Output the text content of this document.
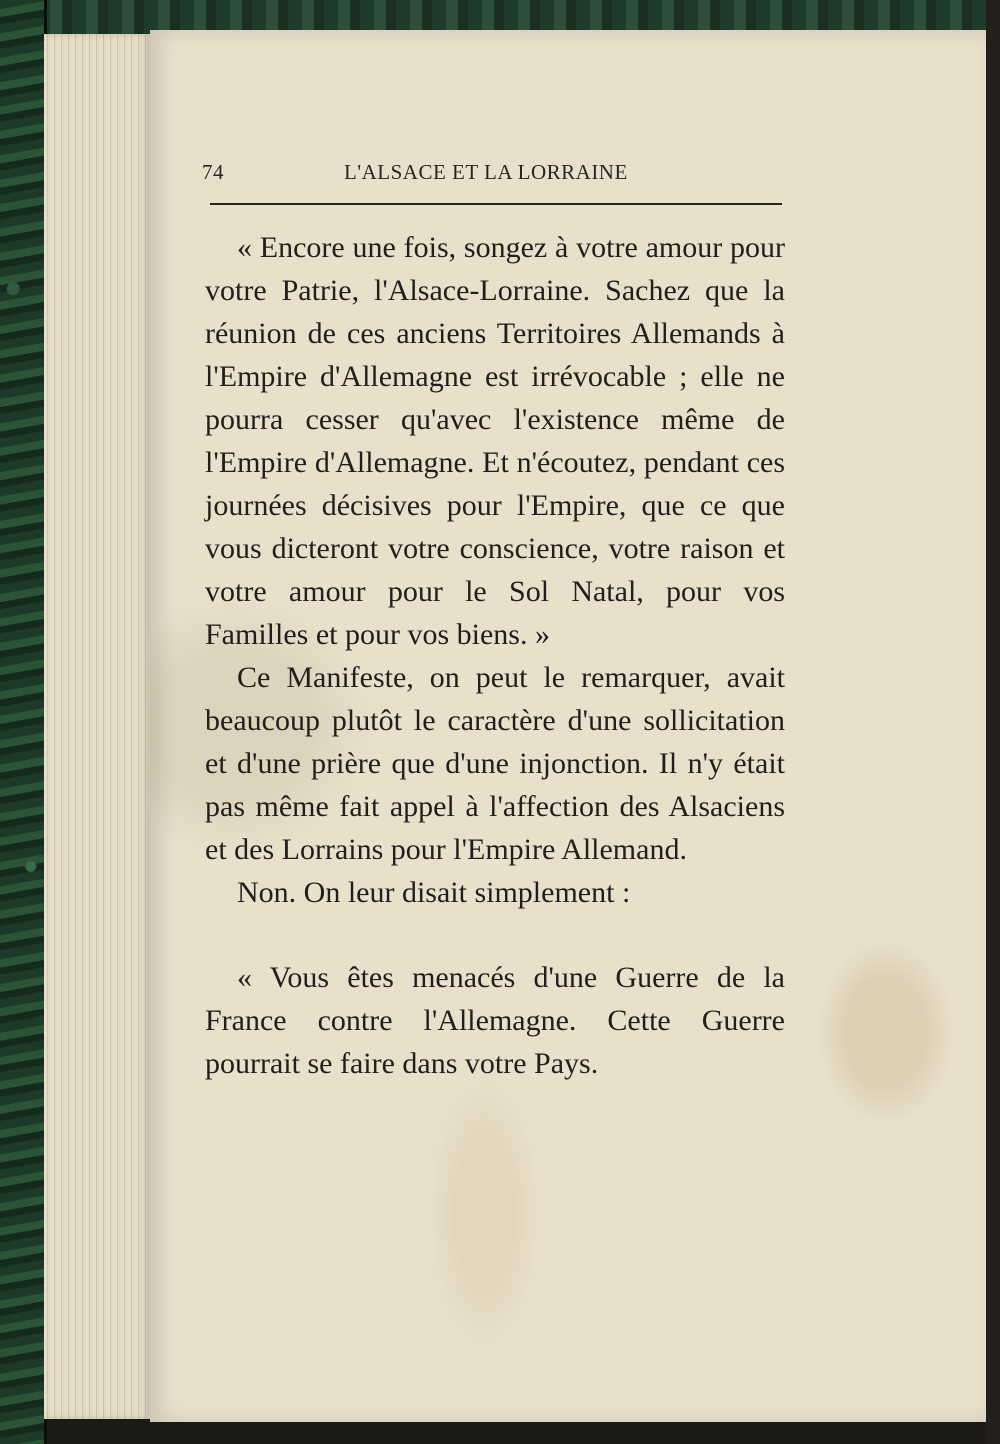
74	L'ALSACE ET LA LORRAINE

« Encore une fois, songez à votre amour pour votre Patrie, l'Alsace-Lorraine. Sachez que la réunion de ces anciens Territoires Allemands à l'Empire d'Allemagne est irrévocable ; elle ne pourra cesser qu'avec l'existence même de l'Empire d'Allemagne. Et n'écoutez, pendant ces journées décisives pour l'Empire, que ce que vous dicteront votre conscience, votre raison et votre amour pour le Sol Natal, pour vos Familles et pour vos biens. »

Ce Manifeste, on peut le remarquer, avait beaucoup plutôt le caractère d'une sollicitation et d'une prière que d'une injonction. Il n'y était pas même fait appel à l'affection des Alsaciens et des Lorrains pour l'Empire Allemand.

Non. On leur disait simplement :

« Vous êtes menacés d'une Guerre de la France contre l'Allemagne. Cette Guerre pourrait se faire dans votre Pays.
